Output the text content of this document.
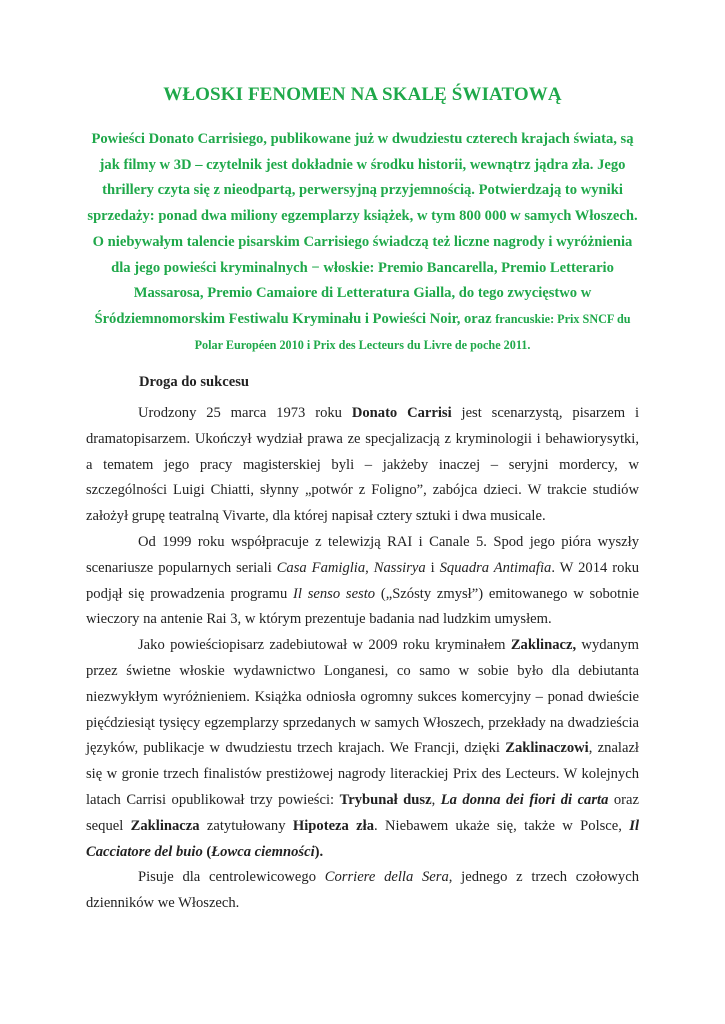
WŁOSKI FENOMEN NA SKALĘ ŚWIATOWĄ

Powieści Donato Carrisiego, publikowane już w dwudziestu czterech krajach świata, są jak filmy w 3D – czytelnik jest dokładnie w środku historii, wewnątrz jądra zła. Jego thrillery czyta się z nieodpartą, perwersyjną przyjemnością. Potwierdzają to wyniki sprzedaży: ponad dwa miliony egzemplarzy książek, w tym 800 000 w samych Włoszech. O niebywałym talencie pisarskim Carrisiego świadczą też liczne nagrody i wyróżnienia dla jego powieści kryminalnych − włoskie: Premio Bancarella, Premio Letterario Massarosa, Premio Camaiore di Letteratura Gialla, do tego zwycięstwo w Śródziemnomorskim Festiwalu Kryminału i Powieści Noir, oraz francuskie: Prix SNCF du Polar Européen 2010 i Prix des Lecteurs du Livre de poche 2011.

Droga do sukcesu

Urodzony 25 marca 1973 roku Donato Carrisi jest scenarzystą, pisarzem i dramatopisarzem. Ukończył wydział prawa ze specjalizacją z kryminologii i behawiorysytki, a tematem jego pracy magisterskiej byli – jakżeby inaczej – seryjni mordercy, w szczególności Luigi Chiatti, słynny „potwór z Foligno”, zabójca dzieci. W trakcie studiów założył grupę teatralną Vivarte, dla której napisał cztery sztuki i dwa musicale.

Od 1999 roku współpracuje z telewizją RAI i Canale 5. Spod jego pióra wyszły scenariusze popularnych seriali Casa Famiglia, Nassirya i Squadra Antimafia. W 2014 roku podjął się prowadzenia programu Il senso sesto („Szósty zmysł”) emitowanego w sobotnie wieczory na antenie Rai 3, w którym prezentuje badania nad ludzkim umysłem.

Jako powieściopisarz zadebiutował w 2009 roku kryminałem Zaklinacz, wydanym przez świetne włoskie wydawnictwo Longanesi, co samo w sobie było dla debiutanta niezwykłym wyróżnieniem. Książka odniosła ogromny sukces komercyjny – ponad dwieście pięćdziesiąt tysięcy egzemplarzy sprzedanych w samych Włoszech, przekłady na dwadzieścia języków, publikacje w dwudziestu trzech krajach. We Francji, dzięki Zaklinaczowi, znalazł się w gronie trzech finalistów prestiżowej nagrody literackiej Prix des Lecteurs. W kolejnych latach Carrisi opublikował trzy powieści: Trybunał dusz, La donna dei fiori di carta oraz sequel Zaklinacza zatytułowany Hipoteza zła. Niebawem ukaże się, także w Polsce, Il Cacciatore del buio (Łowca ciemności).

Pisuje dla centrolewicowego Corriere della Sera, jednego z trzech czołowych dzienników we Włoszech.
